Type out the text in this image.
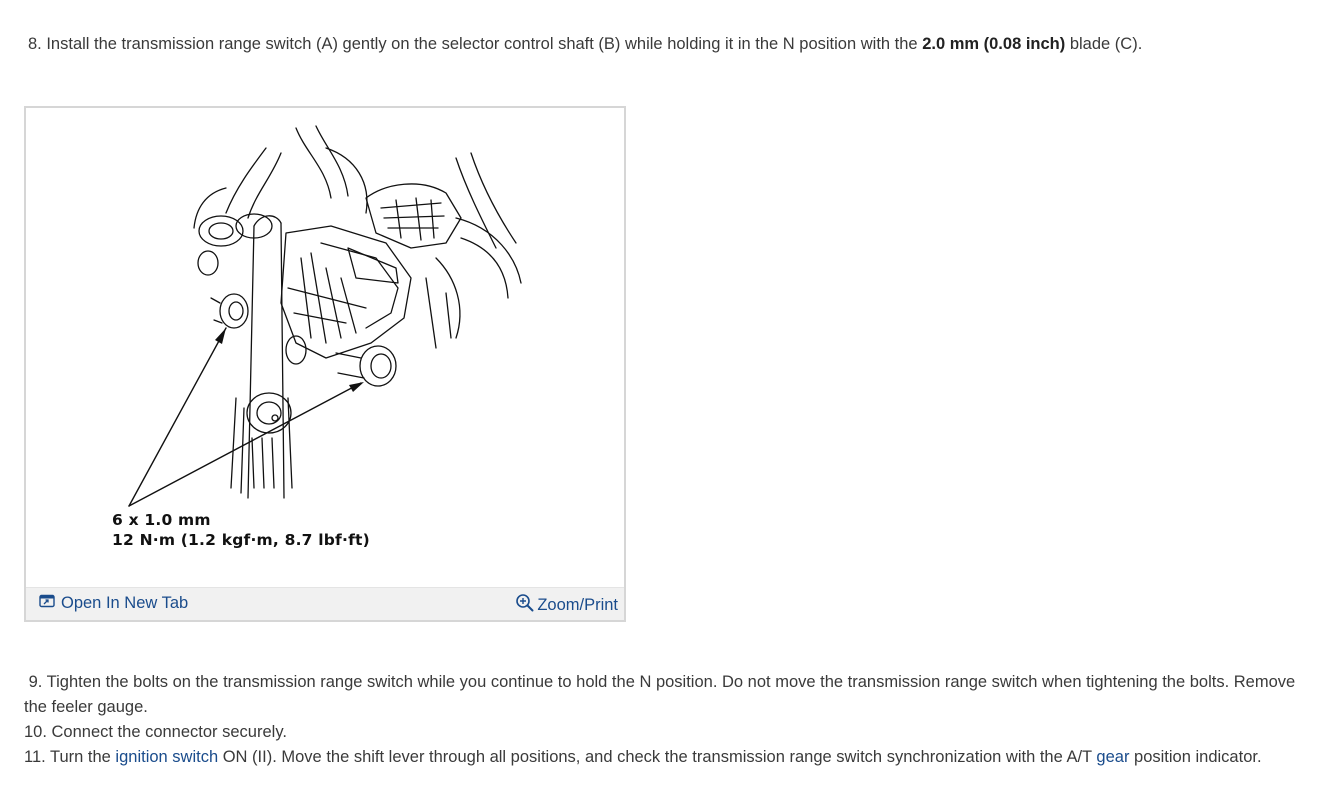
8. Install the transmission range switch (A) gently on the selector control shaft (B) while holding it in the N position with the 2.0 mm (0.08 inch) blade (C).
6 x 1.0 mm
12 N·m (1.2 kgf·m, 8.7 lbf·ft)
Open In New Tab	Zoom/Print
9. Tighten the bolts on the transmission range switch while you continue to hold the N position. Do not move the transmission range switch when tightening the bolts. Remove the feeler gauge.
10. Connect the connector securely.
11. Turn the ignition switch ON (II). Move the shift lever through all positions, and check the transmission range switch synchronization with the A/T gear position indicator.
